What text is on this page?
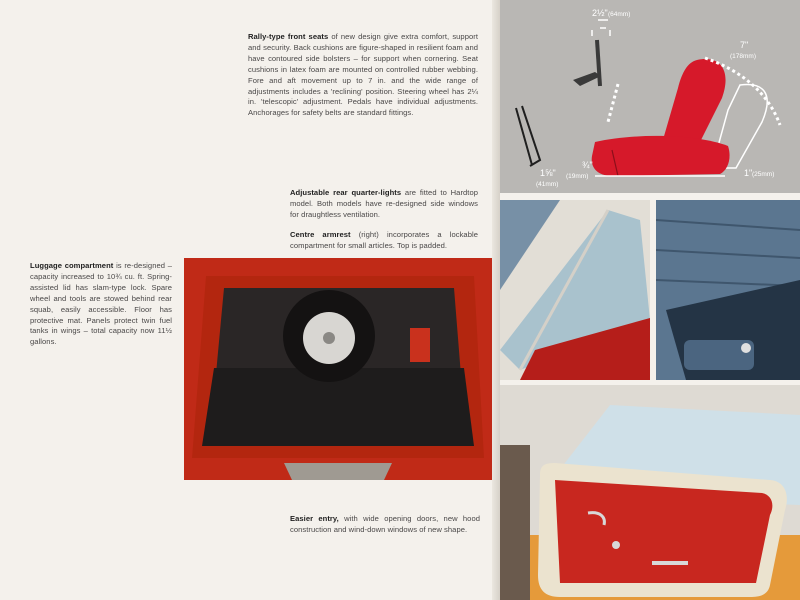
Rally-type front seats of new design give extra comfort, support and security. Back cushions are figure-shaped in resilient foam and have contoured side bolsters – for support when cornering. Seat cushions in latex foam are mounted on controlled rubber webbing. Fore and aft movement up to 7 in. and the wide range of adjustments includes a 'reclining' position. Steering wheel has 2¼ in. 'telescopic' adjustment. Pedals have individual adjustments. Anchorages for safety belts are standard fittings.
Adjustable rear quarter-lights are fitted to Hardtop model. Both models have re-designed side windows for draughtless ventilation.
Centre armrest (right) incorporates a lockable compartment for small articles. Top is padded.
Luggage compartment is re-designed – capacity increased to 10¾ cu. ft. Spring-assisted lid has slam-type lock. Spare wheel and tools are stowed behind rear squab, easily accessible. Floor has protective mat. Panels protect twin fuel tanks in wings – total capacity now 11½ gallons.
Easier entry, with wide opening doors, new hood construction and wind-down windows of new shape.
2½" (64mm)
7"
(178mm)
1⅝"
(41mm)
¾"
(19mm)	1" (25mm)
